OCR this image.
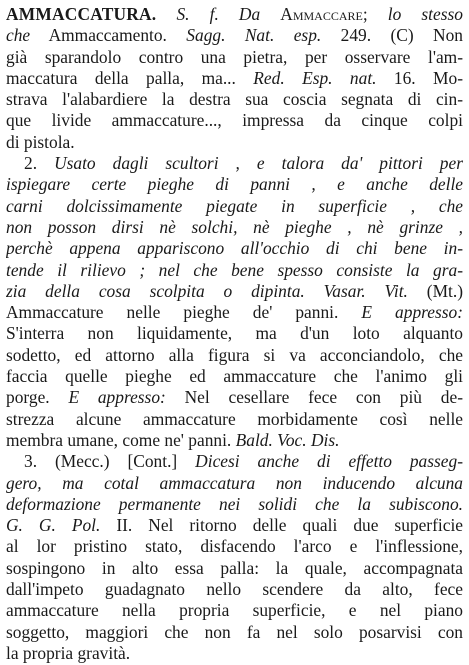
AMMACCATURA. S. f. Da Ammaccare; lo stesso
che Ammaccamento. Sagg. Nat. esp. 249. (C) Non
già sparandolo contro una pietra, per osservare l'am-
maccatura della palla, ma... Red. Esp. nat. 16. Mo-
strava l'alabardiere la destra sua coscia segnata di cin-
que livide ammaccature..., impressa da cinque colpi
di pistola.
2. Usato dagli scultori , e talora da' pittori per
ispiegare certe pieghe di panni , e anche delle
carni dolcissimamente piegate in superficie , che
non posson dirsi nè solchi, nè pieghe , nè grinze ,
perchè appena appariscono all'occhio di chi bene in-
tende il rilievo ; nel che bene spesso consiste la gra-
zia della cosa scolpita o dipinta. Vasar. Vit. (Mt.)
Ammaccature nelle pieghe de' panni. E appresso:
S'interra non liquidamente, ma d'un loto alquanto
sodetto, ed attorno alla figura si va acconciandolo, che
faccia quelle pieghe ed ammaccature che l'animo gli
porge. E appresso: Nel cesellare fece con più de-
strezza alcune ammaccature morbidamente così nelle
membra umane, come ne' panni. Bald. Voc. Dis.
3. (Mecc.) [Cont.] Dicesi anche di effetto passeg-
gero, ma cotal ammaccatura non inducendo alcuna
deformazione permanente nei solidi che la subiscono.
G. G. Pol. II. Nel ritorno delle quali due superficie
al lor pristino stato, disfacendo l'arco e l'inflessione,
sospingono in alto essa palla: la quale, accompagnata
dall'impeto guadagnato nello scendere da alto, fece
ammaccature nella propria superficie, e nel piano
soggetto, maggiori che non fa nel solo posarvisi con
la propria gravità.
